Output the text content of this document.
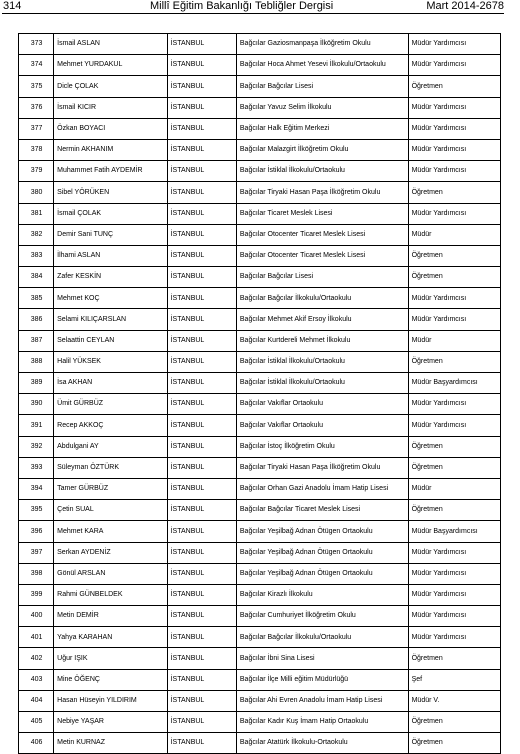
314	Millî Eğitim Bakanlığı Tebliğler Dergisi	Mart 2014-2678
373	İsmail ASLAN	İSTANBUL	Bağcılar Gaziosmanpaşa İlköğretim Okulu	Müdür Yardımcısı
374	Mehmet YURDAKUL	İSTANBUL	Bağcılar Hoca Ahmet Yesevi İlkokulu/Ortaokulu	Müdür Yardımcısı
375	Dicle ÇOLAK	İSTANBUL	Bağcılar Bağcılar Lisesi	Öğretmen
376	İsmail KICIR	İSTANBUL	Bağcılar Yavuz Selim İlkokulu	Müdür Yardımcısı
377	Özkan BOYACI	İSTANBUL	Bağcılar Halk Eğitim Merkezi	Müdür Yardımcısı
378	Nermin AKHANIM	İSTANBUL	Bağcılar Malazgirt İlköğretim Okulu	Müdür Yardımcısı
379	Muhammet Fatih AYDEMİR	İSTANBUL	Bağcılar İstiklal İlkokulu/Ortaokulu	Müdür Yardımcısı
380	Sibel YÖRÜKEN	İSTANBUL	Bağcılar Tiryaki Hasan Paşa İlköğretim Okulu	Öğretmen
381	İsmail ÇOLAK	İSTANBUL	Bağcılar Ticaret Meslek Lisesi	Müdür Yardımcısı
382	Demir Sani TUNÇ	İSTANBUL	Bağcılar Otocenter Ticaret Meslek Lisesi	Müdür
383	İlhami ASLAN	İSTANBUL	Bağcılar Otocenter Ticaret Meslek Lisesi	Öğretmen
384	Zafer KESKİN	İSTANBUL	Bağcılar Bağcılar Lisesi	Öğretmen
385	Mehmet KOÇ	İSTANBUL	Bağcılar Bağcılar İlkokulu/Ortaokulu	Müdür Yardımcısı
386	Selami KILIÇARSLAN	İSTANBUL	Bağcılar Mehmet Akif Ersoy İlkokulu	Müdür Yardımcısı
387	Selaattin CEYLAN	İSTANBUL	Bağcılar Kurtdereli Mehmet İlkokulu	Müdür
388	Halil YÜKSEK	İSTANBUL	Bağcılar İstiklal İlkokulu/Ortaokulu	Öğretmen
389	İsa AKHAN	İSTANBUL	Bağcılar İstiklal İlkokulu/Ortaokulu	Müdür Başyardımcısı
390	Ümit GÜRBÜZ	İSTANBUL	Bağcılar Vakıflar Ortaokulu	Müdür Yardımcısı
391	Recep AKKOÇ	İSTANBUL	Bağcılar Vakıflar Ortaokulu	Müdür Yardımcısı
392	Abdulgani AY	İSTANBUL	Bağcılar İstoç İlköğretim Okulu	Öğretmen
393	Süleyman ÖZTÜRK	İSTANBUL	Bağcılar Tiryaki Hasan Paşa İlköğretim Okulu	Öğretmen
394	Tamer GÜRBÜZ	İSTANBUL	Bağcılar Orhan Gazi Anadolu İmam Hatip Lisesi	Müdür
395	Çetin SUAL	İSTANBUL	Bağcılar Bağcılar Ticaret Meslek Lisesi	Öğretmen
396	Mehmet KARA	İSTANBUL	Bağcılar Yeşilbağ Adnan Ötügen Ortaokulu	Müdür Başyardımcısı
397	Serkan AYDENİZ	İSTANBUL	Bağcılar Yeşilbağ Adnan Ötügen Ortaokulu	Müdür Yardımcısı
398	Gönül ARSLAN	İSTANBUL	Bağcılar Yeşilbağ Adnan Ötügen Ortaokulu	Müdür Yardımcısı
399	Rahmi GÜNBELDEK	İSTANBUL	Bağcılar Kirazlı İlkokulu	Müdür Yardımcısı
400	Metin DEMİR	İSTANBUL	Bağcılar Cumhuriyet İlköğretim Okulu	Müdür Yardımcısı
401	Yahya KARAHAN	İSTANBUL	Bağcılar Bağcılar İlkokulu/Ortaokulu	Müdür Yardımcısı
402	Uğur IŞIK	İSTANBUL	Bağcılar İbni Sina Lisesi	Öğretmen
403	Mine ÖĞENÇ	İSTANBUL	Bağcılar İlçe Milli eğitim Müdürlüğü	Şef
404	Hasan Hüseyin YILDIRIM	İSTANBUL	Bağcılar Ahi Evren Anadolu İmam Hatip Lisesi	Müdür V.
405	Nebiye YAŞAR	İSTANBUL	Bağcılar Kadır Kuş İmam Hatip Ortaokulu	Öğretmen
406	Metin KURNAZ	İSTANBUL	Bağcılar Atatürk İlkokulu-Ortaokulu	Öğretmen
